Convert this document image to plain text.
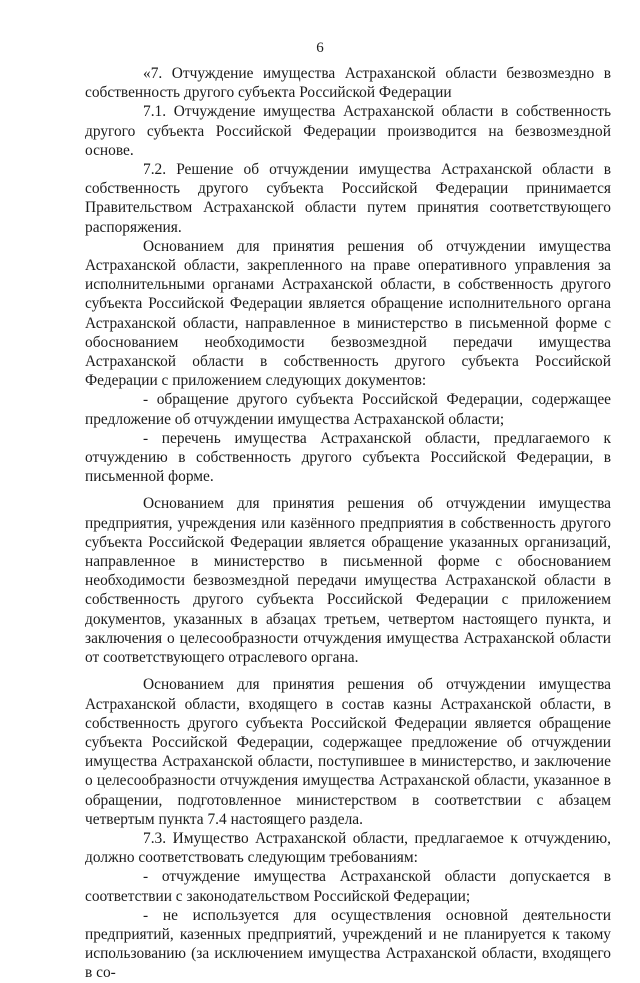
6

«7. Отчуждение имущества Астраханской области безвозмездно в собственность другого субъекта Российской Федерации

7.1. Отчуждение имущества Астраханской области в собственность другого субъекта Российской Федерации производится на безвозмездной основе.

7.2. Решение об отчуждении имущества Астраханской области в собственность другого субъекта Российской Федерации принимается Правительством Астраханской области путем принятия соответствующего распоряжения.

Основанием для принятия решения об отчуждении имущества Астраханской области, закрепленного на праве оперативного управления за исполнительными органами Астраханской области, в собственность другого субъекта Российской Федерации является обращение исполнительного органа Астраханской области, направленное в министерство в письменной форме с обоснованием необходимости безвозмездной передачи имущества Астраханской области в собственность другого субъекта Российской Федерации с приложением следующих документов:

- обращение другого субъекта Российской Федерации, содержащее предложение об отчуждении имущества Астраханской области;

- перечень имущества Астраханской области, предлагаемого к отчуждению в собственность другого субъекта Российской Федерации, в письменной форме.

Основанием для принятия решения об отчуждении имущества предприятия, учреждения или казённого предприятия в собственность другого субъекта Российской Федерации является обращение указанных организаций, направленное в министерство в письменной форме с обоснованием необходимости безвозмездной передачи имущества Астраханской области в собственность другого субъекта Российской Федерации с приложением документов, указанных в абзацах третьем, четвертом настоящего пункта, и заключения о целесообразности отчуждения имущества Астраханской области от соответствующего отраслевого органа.

Основанием для принятия решения об отчуждении имущества Астраханской области, входящего в состав казны Астраханской области, в собственность другого субъекта Российской Федерации является обращение субъекта Российской Федерации, содержащее предложение об отчуждении имущества Астраханской области, поступившее в министерство, и заключение о целесообразности отчуждения имущества Астраханской области, указанное в обращении, подготовленное министерством в соответствии с абзацем четвертым пункта 7.4 настоящего раздела.

7.3. Имущество Астраханской области, предлагаемое к отчуждению, должно соответствовать следующим требованиям:

- отчуждение имущества Астраханской области допускается в соответствии с законодательством Российской Федерации;

- не используется для осуществления основной деятельности предприятий, казенных предприятий, учреждений и не планируется к такому использованию (за исключением имущества Астраханской области, входящего в со-
